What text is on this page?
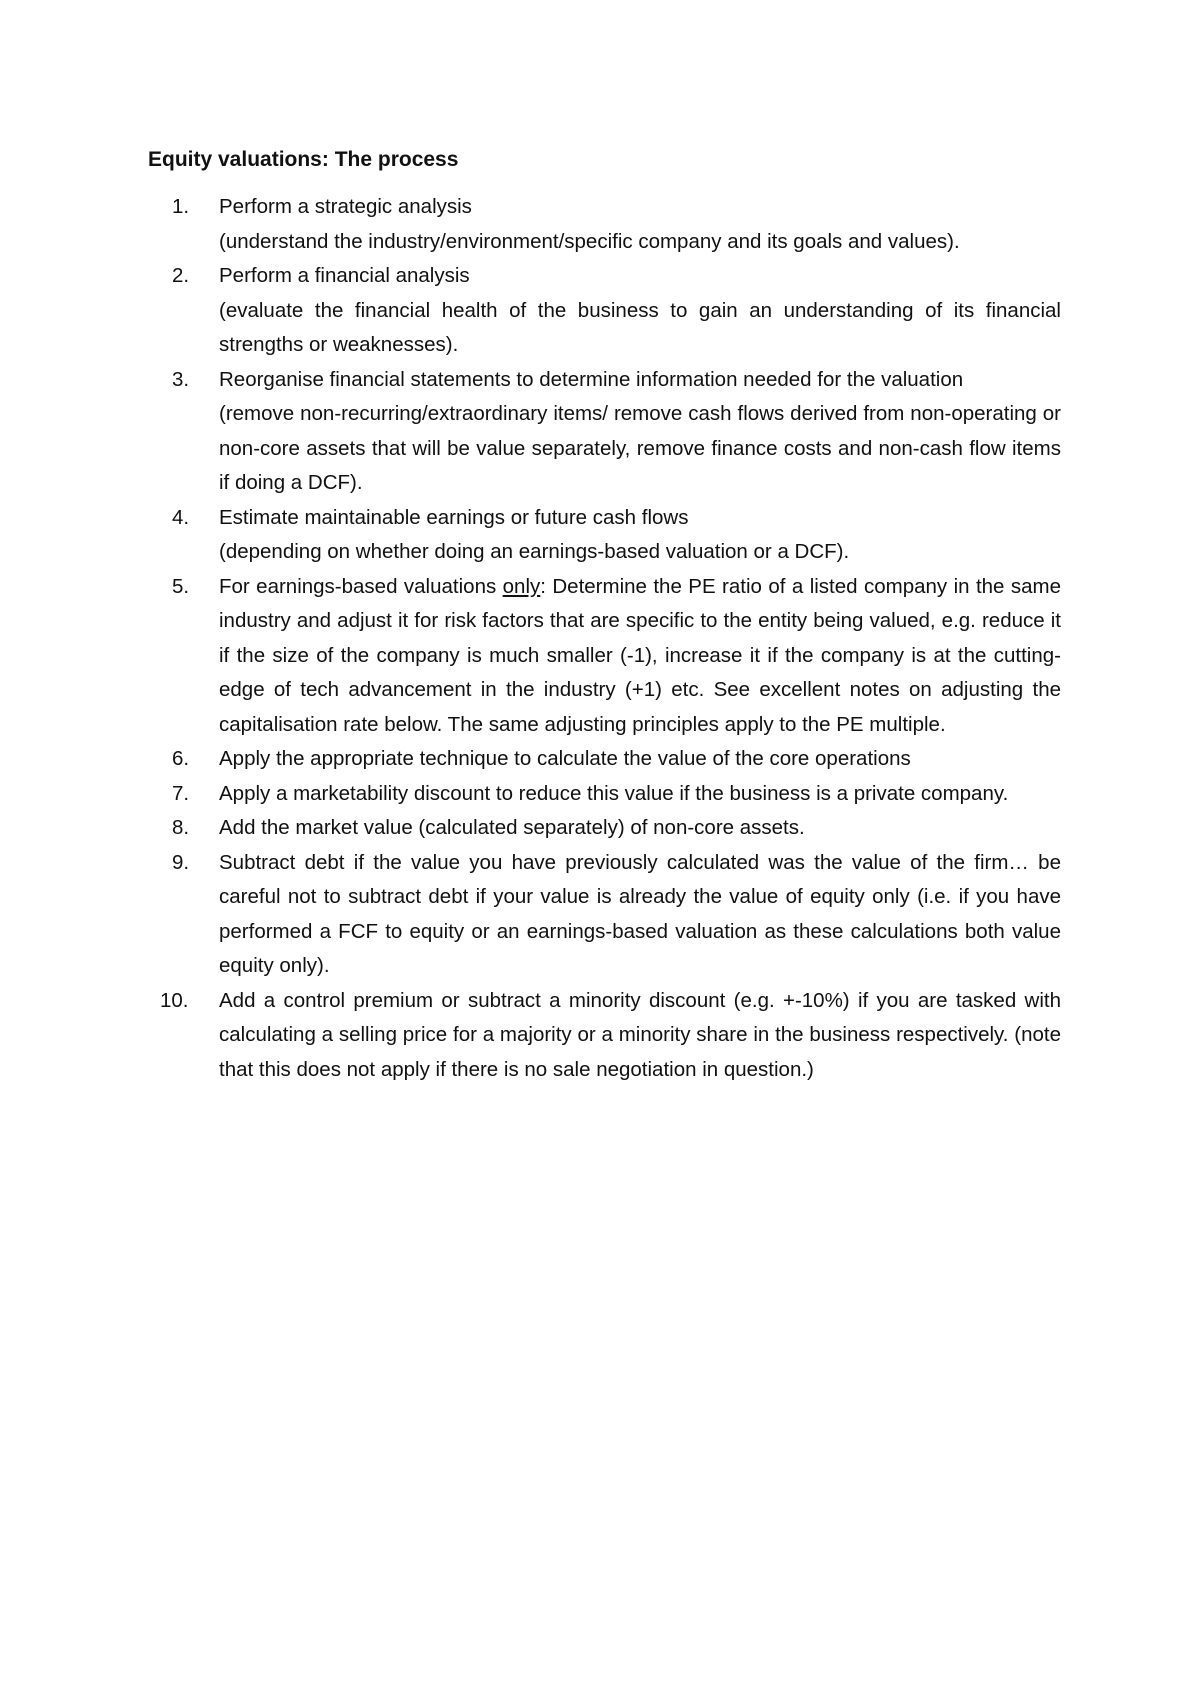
Equity valuations: The process
1.	Perform a strategic analysis
(understand the industry/environment/specific company and its goals and values).
2.	Perform a financial analysis
(evaluate the financial health of the business to gain an understanding of its financial strengths or weaknesses).
3.	Reorganise financial statements to determine information needed for the valuation
(remove non-recurring/extraordinary items/ remove cash flows derived from non-operating or non-core assets that will be value separately, remove finance costs and non-cash flow items if doing a DCF).
4.	Estimate maintainable earnings or future cash flows
(depending on whether doing an earnings-based valuation or a DCF).
5.	For earnings-based valuations only: Determine the PE ratio of a listed company in the same industry and adjust it for risk factors that are specific to the entity being valued, e.g. reduce it if the size of the company is much smaller (-1), increase it if the company is at the cutting-edge of tech advancement in the industry (+1) etc. See excellent notes on adjusting the capitalisation rate below. The same adjusting principles apply to the PE multiple.
6.	Apply the appropriate technique to calculate the value of the core operations
7.	Apply a marketability discount to reduce this value if the business is a private company.
8.	Add the market value (calculated separately) of non-core assets.
9.	Subtract debt if the value you have previously calculated was the value of the firm… be careful not to subtract debt if your value is already the value of equity only (i.e. if you have performed a FCF to equity or an earnings-based valuation as these calculations both value equity only).
10.	Add a control premium or subtract a minority discount (e.g. +-10%) if you are tasked with calculating a selling price for a majority or a minority share in the business respectively. (note that this does not apply if there is no sale negotiation in question.)
